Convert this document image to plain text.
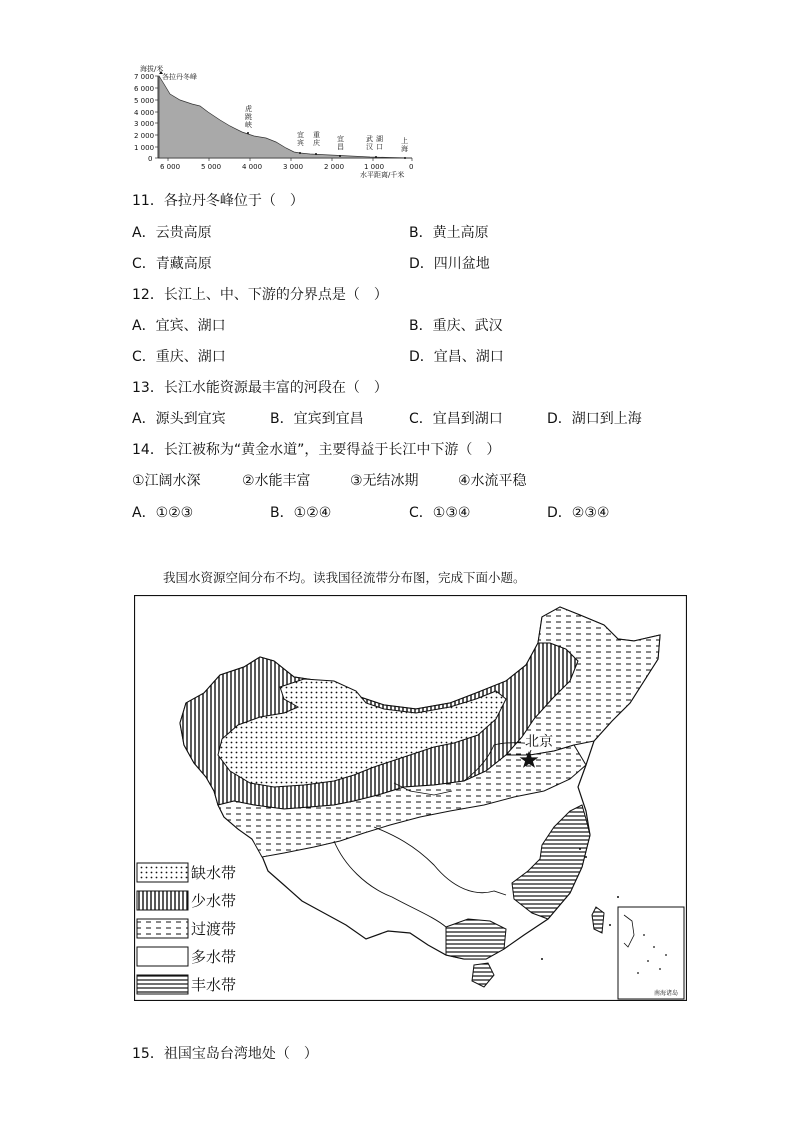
海拔/米
各拉丹冬峰
7 000
6 000
5 000
4 000
3 000
2 000
1 000
0
6 000	5 000	4 000	3 000	2 000	1 000	0
水平距离/千米
虎
跳
峡
宜
宾
重
庆 宜
昌
武
汉
湖
口
上
海
11．各拉丹冬峰位于（　）
A．云贵高原	B．黄土高原
C．青藏高原	D．四川盆地
12．长江上、中、下游的分界点是（　）
A．宜宾、湖口	B．重庆、武汉
C．重庆、湖口	D．宜昌、湖口
13．长江水能资源最丰富的河段在（　）
A．源头到宜宾	B．宜宾到宜昌	C．宜昌到湖口	D．湖口到上海
14．长江被称为“黄金水道”，主要得益于长江中下游（　）
①江阔水深	②水能丰富	③无结冰期	④水流平稳
A．①②③	B．①②④	C．①③④	D．②③④
我国水资源空间分布不均。读我国径流带分布图，完成下面小题。
北京
缺水带
少水带
过渡带
多水带
丰水带	南海诸岛
15．祖国宝岛台湾地处（　）
